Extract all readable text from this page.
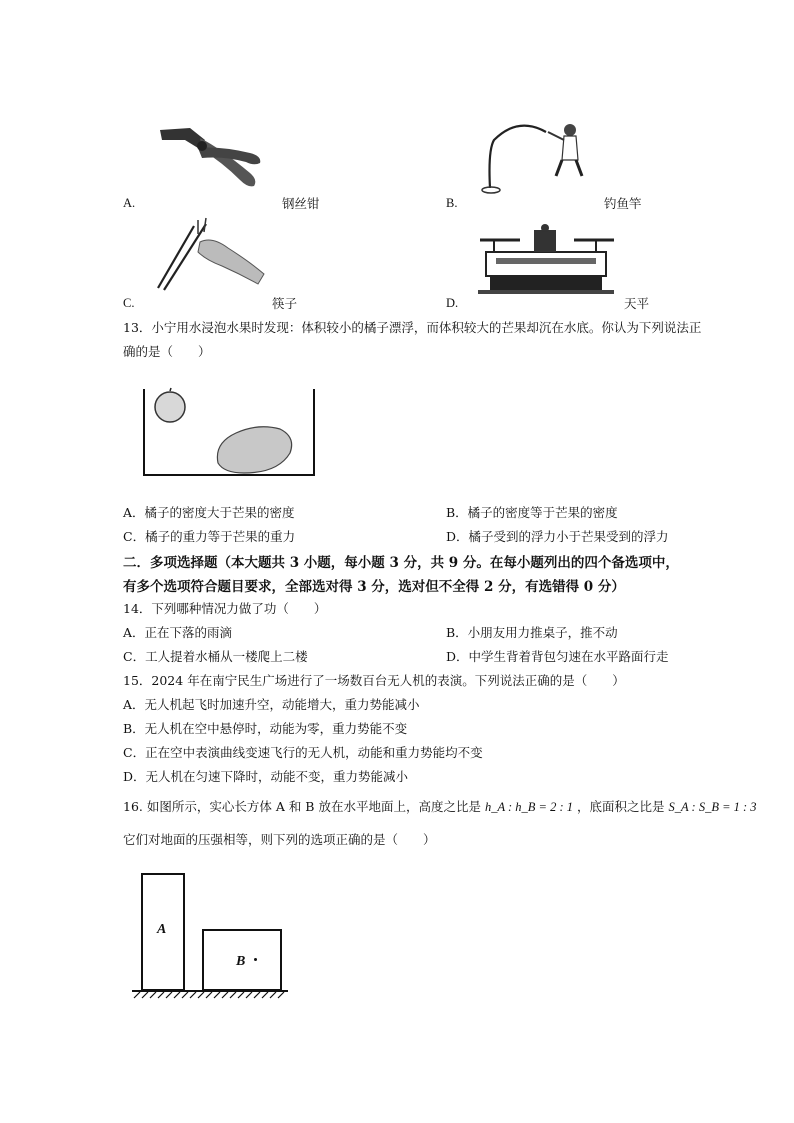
A.	钢丝钳	B.	钓鱼竿
C.	筷子	D.	天平
13．小宁用水浸泡水果时发现：体积较小的橘子漂浮，而体积较大的芒果却沉在水底。你认为下列说法正
确的是（　　）
A．橘子的密度大于芒果的密度	B．橘子的密度等于芒果的密度
C．橘子的重力等于芒果的重力	D．橘子受到的浮力小于芒果受到的浮力
二．多项选择题（本大题共 3 小题，每小题 3 分，共 9 分。在每小题列出的四个备选项中，
有多个选项符合题目要求，全部选对得 3 分，选对但不全得 2 分，有选错得 0 分）
14．下列哪种情况力做了功（　　）
A．正在下落的雨滴	B．小朋友用力推桌子，推不动
C．工人提着水桶从一楼爬上二楼	D．中学生背着背包匀速在水平路面行走
15．2024 年在南宁民生广场进行了一场数百台无人机的表演。下列说法正确的是（　　）
A．无人机起飞时加速升空，动能增大，重力势能减小
B．无人机在空中悬停时，动能为零，重力势能不变
C．正在空中表演曲线变速飞行的无人机，动能和重力势能均不变
D．无人机在匀速下降时，动能不变，重力势能减小
16. 如图所示，实心长方体 A 和 B 放在水平地面上，高度之比是 h_A : h_B = 2 : 1 ，底面积之比是 S_A : S_B = 1 : 3
它们对地面的压强相等，则下列的选项正确的是（　　）
A
B
